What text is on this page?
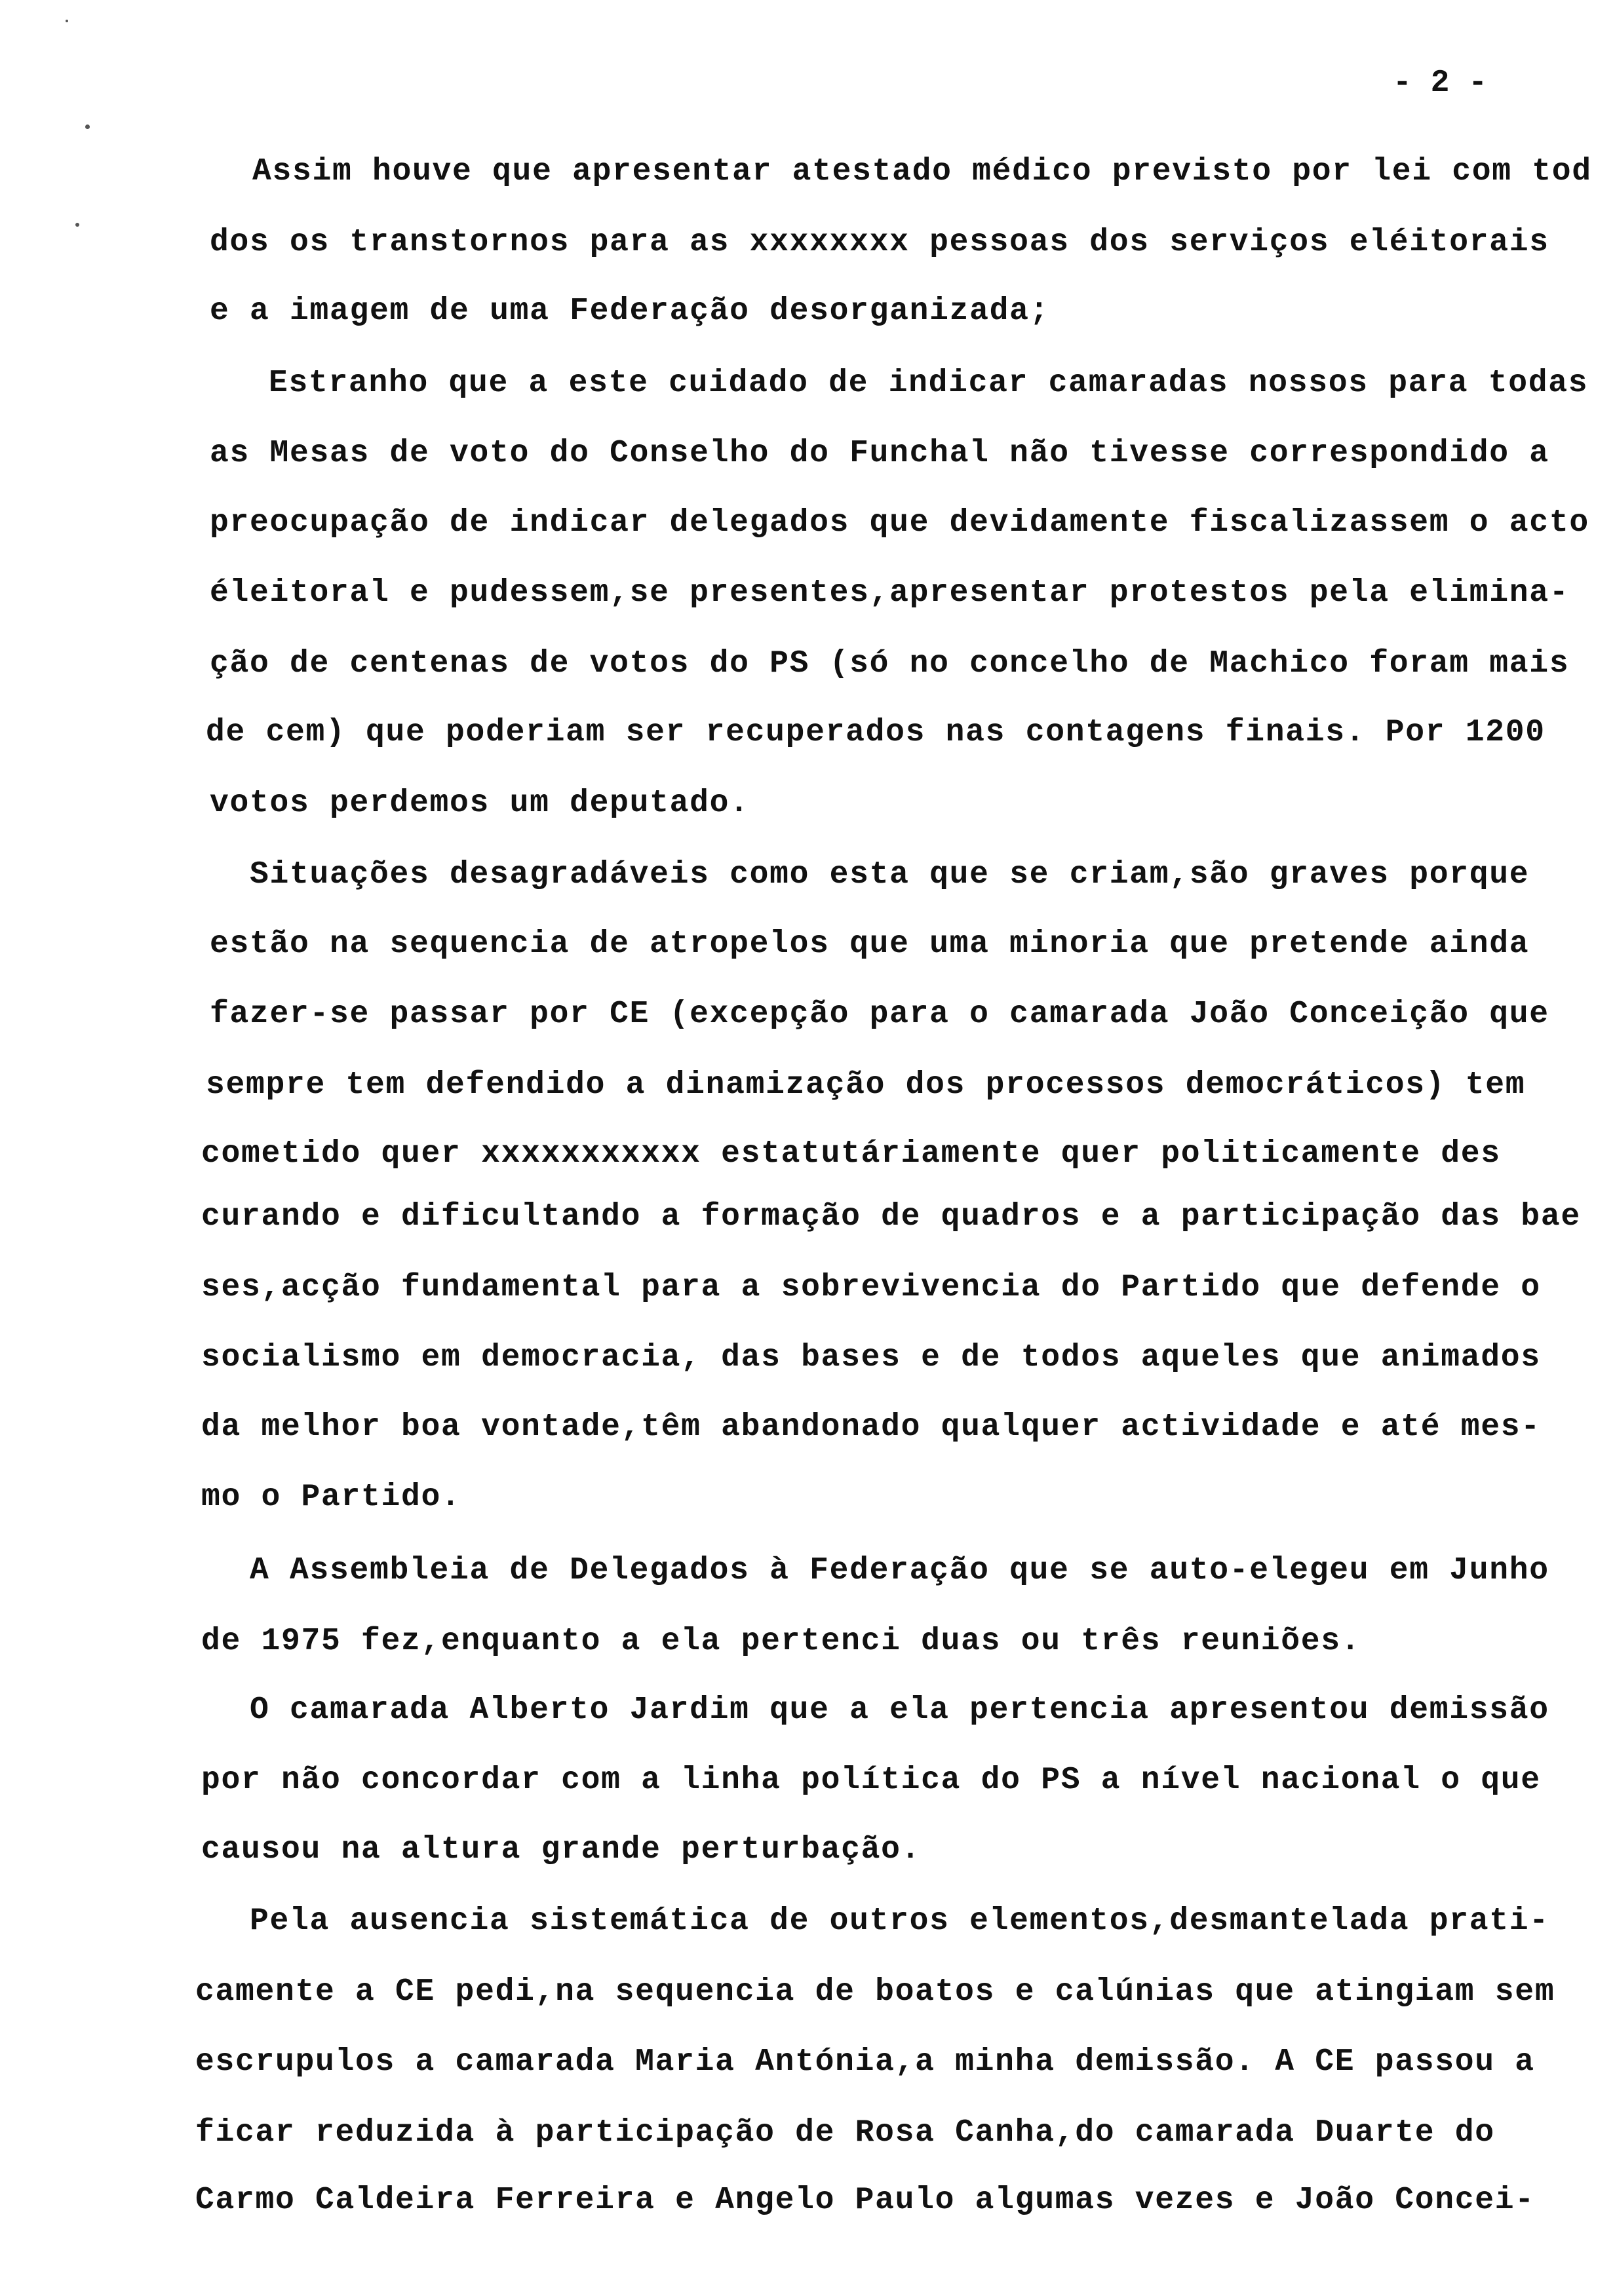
- 2 -
Assim houve que apresentar atestado médico previsto por lei com tod
dos os transtornos para as xxxxxxxx pessoas dos serviços eléitorais
e a imagem de uma Federação desorganizada;
Estranho que a este cuidado de indicar camaradas nossos para todas
as Mesas de voto do Conselho do Funchal não tivesse correspondido a
preocupação de indicar delegados que devidamente fiscalizassem o acto
éleitoral e pudessem,se presentes,apresentar protestos pela elimina-
ção de centenas de votos do PS (só no concelho de Machico foram mais
de cem) que poderiam ser recuperados nas contagens finais. Por 1200
votos perdemos um deputado.
Situações desagradáveis como esta que se criam,são graves porque
estão na sequencia de atropelos que uma minoria que pretende ainda
fazer-se passar por CE (excepção para o camarada João Conceição que
sempre tem defendido a dinamização dos processos democráticos) tem
cometido quer xxxxxxxxxxx estatutáriamente quer politicamente des
curando e dificultando a formação de quadros e a participação das bae
ses,acção fundamental para a sobrevivencia do Partido que defende o
socialismo em democracia, das bases e de todos aqueles que animados
da melhor boa vontade,têm abandonado qualquer actividade e até mes-
mo o Partido.
A Assembleia de Delegados à Federação que se auto-elegeu em Junho
de 1975 fez,enquanto a ela pertenci duas ou três reuniões.
O camarada Alberto Jardim que a ela pertencia apresentou demissão
por não concordar com a linha política do PS a nível nacional o que
causou na altura grande perturbação.
Pela ausencia sistemática de outros elementos,desmantelada prati-
camente a CE pedi,na sequencia de boatos e calúnias que atingiam sem
escrupulos a camarada Maria Antónia,a minha demissão. A CE passou a
ficar reduzida à participação de Rosa Canha,do camarada Duarte do
Carmo Caldeira Ferreira e Angelo Paulo algumas vezes e João Concei-
